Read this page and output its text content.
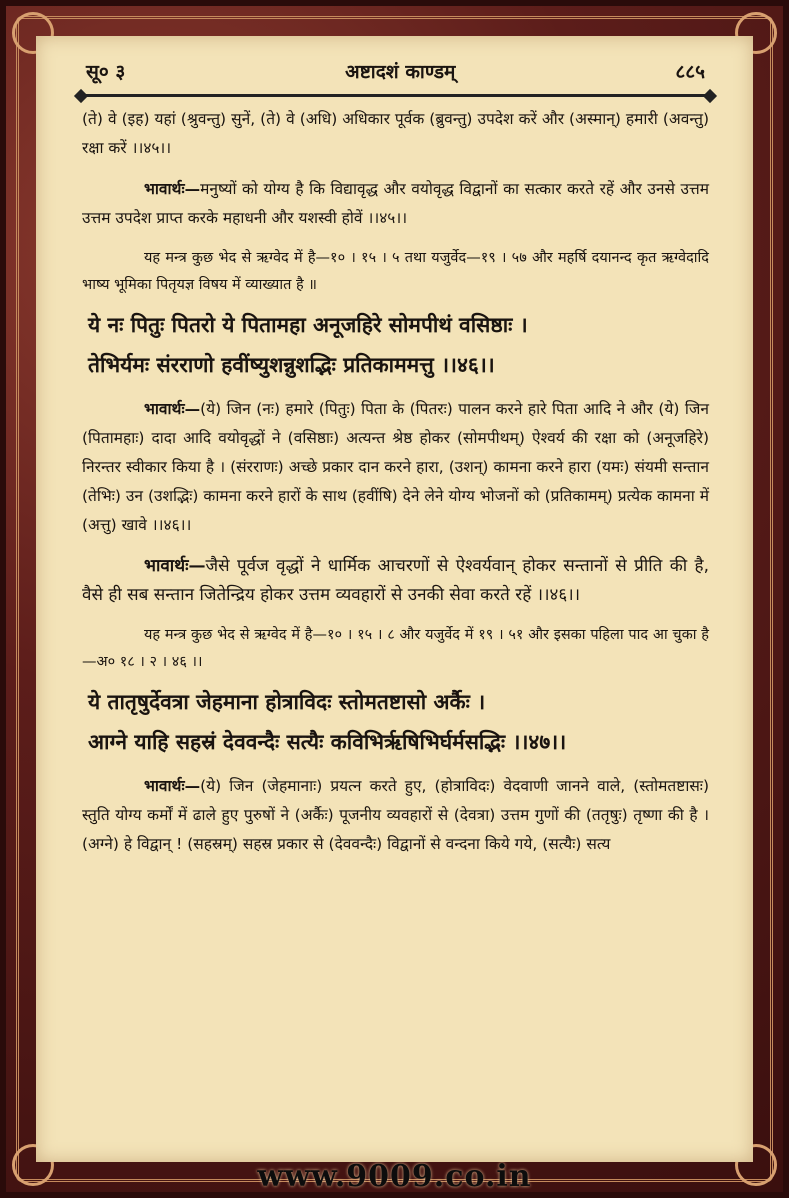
सू० ३	अष्टादशं काण्डम्	८८५

(ते) वे (इह) यहां (श्रुवन्तु) सुनें, (ते) वे (अधि) अधिकार पूर्वक (ब्रुवन्तु) उपदेश करें और (अस्मान्) हमारी (अवन्तु) रक्षा करें ।।४५।।

भावार्थः—मनुष्यों को योग्य है कि विद्यावृद्ध और वयोवृद्ध विद्वानों का सत्कार करते रहें और उनसे उत्तम उत्तम उपदेश प्राप्त करके महाधनी और यशस्वी होवें ।।४५।।

यह मन्त्र कुछ भेद से ऋग्वेद में है—१० । १५ । ५ तथा यजुर्वेद—१९ । ५७ और महर्षि दयानन्द कृत ऋग्वेदादि भाष्य भूमिका पितृयज्ञ विषय में व्याख्यात है ॥

ये नः पितुः पितरो ये पितामहा अनूजहिरे सोमपीथं वसिष्ठाः ।
तेभिर्यमः संरराणो हवींष्युशन्नुशद्भिः प्रतिकाममत्तु ।।४६।।

भावार्थः—(ये) जिन (नः) हमारे (पितुः) पिता के (पितरः) पालन करने हारे पिता आदि ने और (ये) जिन (पितामहाः) दादा आदि वयोवृद्धों ने (वसिष्ठाः) अत्यन्त श्रेष्ठ होकर (सोमपीथम्) ऐश्वर्य की रक्षा को (अनूजहिरे) निरन्तर स्वीकार किया है । (संरराणः) अच्छे प्रकार दान करने हारा, (उशन्) कामना करने हारा (यमः) संयमी सन्तान (तेभिः) उन (उशद्भिः) कामना करने हारों के साथ (हवींषि) देने लेने योग्य भोजनों को (प्रतिकामम्) प्रत्येक कामना में (अत्तु) खावे ।।४६।।

भावार्थः—जैसे पूर्वज वृद्धों ने धार्मिक आचरणों से ऐश्वर्यवान् होकर सन्तानों से प्रीति की है, वैसे ही सब सन्तान जितेन्द्रिय होकर उत्तम व्यवहारों से उनकी सेवा करते रहें ।।४६।।

यह मन्त्र कुछ भेद से ऋग्वेद में है—१० । १५ । ८ और यजुर्वेद में १९ । ५१ और इसका पहिला पाद आ चुका है—अ० १८ । २ । ४६ ।।

ये तातृषुर्देवत्रा जेहमाना होत्राविदः स्तोमतष्टासो अर्कैः ।
आग्ने याहि सहस्रं देववन्दैः सत्यैः कविभिर्ऋषिभिर्घर्मसद्भिः ।।४७।।

भावार्थः—(ये) जिन (जेहमानाः) प्रयत्न करते हुए, (होत्राविदः) वेदवाणी जानने वाले, (स्तोमतष्टासः) स्तुति योग्य कर्मों में ढाले हुए पुरुषों ने (अर्कैः) पूजनीय व्यवहारों से (देवत्रा) उत्तम गुणों की (ततृषुः) तृष्णा की है । (अग्ने) हे विद्वान् ! (सहस्रम्) सहस्र प्रकार से (देववन्दैः) विद्वानों से वन्दना किये गये, (सत्यैः) सत्य

www.9009.co.in
